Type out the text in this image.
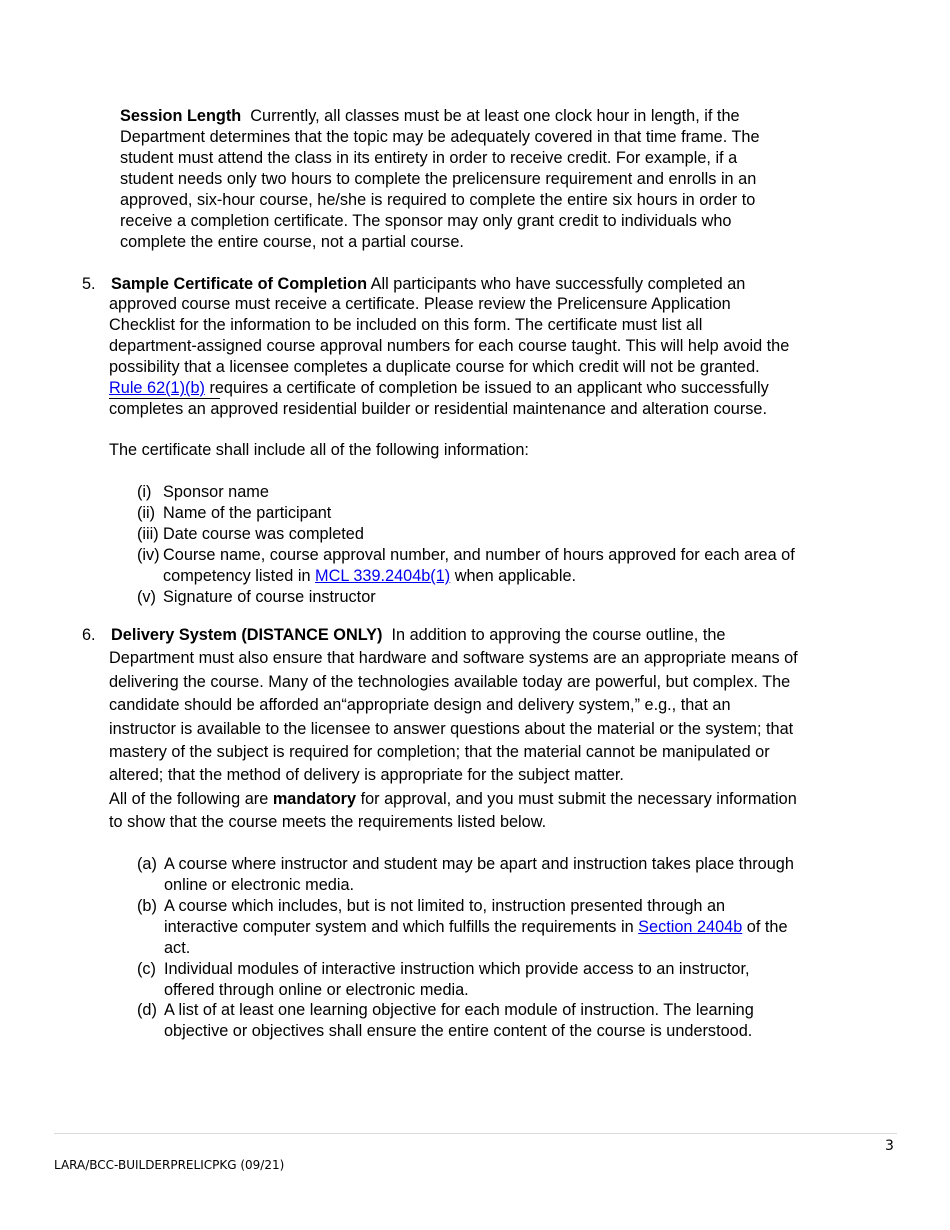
Session Length  Currently, all classes must be at least one clock hour in length, if the
Department determines that the topic may be adequately covered in that time frame. The
student must attend the class in its entirety in order to receive credit. For example, if a
student needs only two hours to complete the prelicensure requirement and enrolls in an
approved, six-hour course, he/she is required to complete the entire six hours in order to
receive a completion certificate. The sponsor may only grant credit to individuals who
complete the entire course, not a partial course.
5. Sample Certificate of Completion All participants who have successfully completed an
approved course must receive a certificate. Please review the Prelicensure Application
Checklist for the information to be included on this form. The certificate must list all
department-assigned course approval numbers for each course taught. This will help avoid the
possibility that a licensee completes a duplicate course for which credit will not be granted.
Rule 62(1)(b) requires a certificate of completion be issued to an applicant who successfully
completes an approved residential builder or residential maintenance and alteration course.
The certificate shall include all of the following information:
(i) Sponsor name
(ii) Name of the participant
(iii) Date course was completed
(iv) Course name, course approval number, and number of hours approved for each area of
competency listed in MCL 339.2404b(1) when applicable.
(v) Signature of course instructor
6. Delivery System (DISTANCE ONLY)  In addition to approving the course outline, the
Department must also ensure that hardware and software systems are an appropriate means of
delivering the course. Many of the technologies available today are powerful, but complex. The
candidate should be afforded an“appropriate design and delivery system,” e.g., that an
instructor is available to the licensee to answer questions about the material or the system; that
mastery of the subject is required for completion; that the material cannot be manipulated or
altered; that the method of delivery is appropriate for the subject matter.
All of the following are mandatory for approval, and you must submit the necessary information
to show that the course meets the requirements listed below.
(a) A course where instructor and student may be apart and instruction takes place through
online or electronic media.
(b) A course which includes, but is not limited to, instruction presented through an
interactive computer system and which fulfills the requirements in Section 2404b of the
act.
(c) Individual modules of interactive instruction which provide access to an instructor,
offered through online or electronic media.
(d) A list of at least one learning objective for each module of instruction. The learning
objective or objectives shall ensure the entire content of the course is understood.
3
LARA/BCC-BUILDERPRELICPKG (09/21)
